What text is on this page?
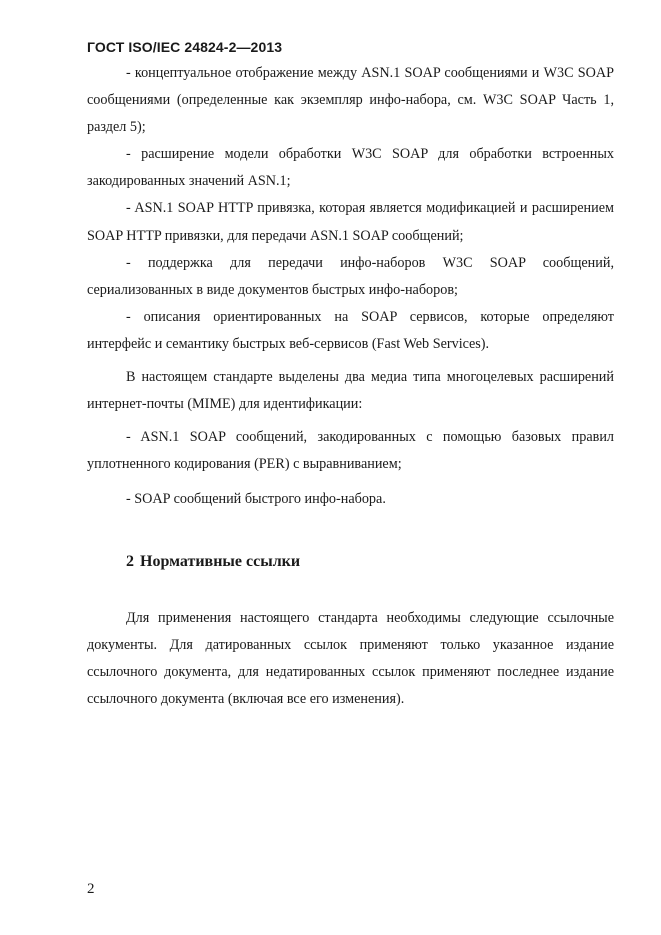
ГОСТ ISO/IEC 24824-2—2013

- концептуальное отображение между ASN.1 SOAP сообщениями и W3C SOAP сообщениями (определенные как экземпляр инфо-набора, см. W3C SOAP Часть 1, раздел 5);

- расширение модели обработки W3C SOAP для обработки встроенных закодированных значений ASN.1;

- ASN.1 SOAP HTTP привязка, которая является модификацией и расширением SOAP HTTP привязки, для передачи ASN.1 SOAP сообщений;

- поддержка для передачи инфо-наборов W3C SOAP сообщений, сериализованных в виде документов быстрых инфо-наборов;

- описания ориентированных на SOAP сервисов, которые определяют интерфейс и семантику быстрых веб-сервисов (Fast Web Services).

В настоящем стандарте выделены два медиа типа многоцелевых расширений интернет-почты (MIME) для идентификации:

- ASN.1 SOAP сообщений, закодированных с помощью базовых правил уплотненного кодирования (PER) с выравниванием;

- SOAP сообщений быстрого инфо-набора.

2 Нормативные ссылки

Для применения настоящего стандарта необходимы следующие ссылочные документы. Для датированных ссылок применяют только указанное издание ссылочного документа, для недатированных ссылок применяют последнее издание ссылочного документа (включая все его изменения).

2
